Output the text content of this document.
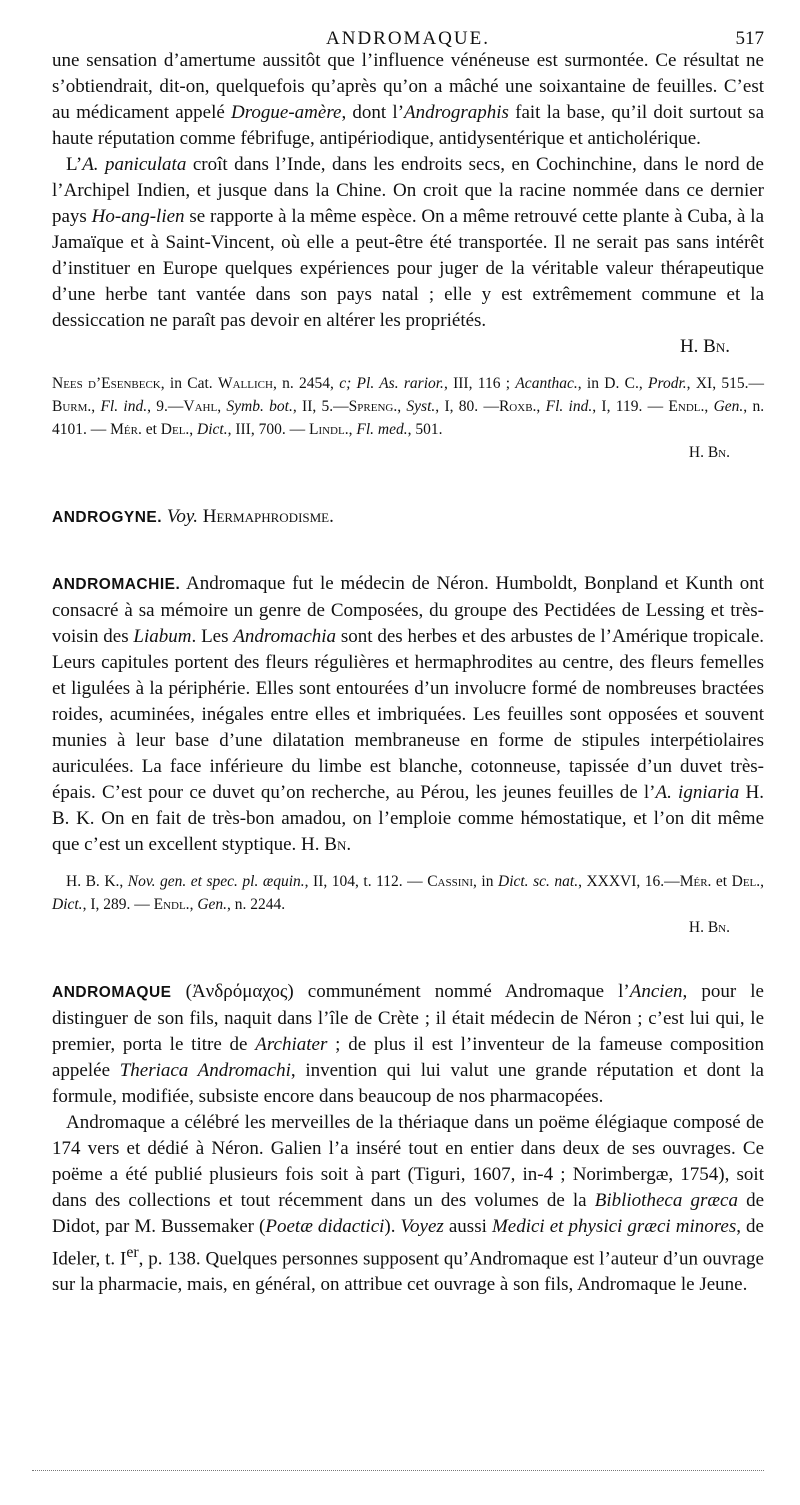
ANDROMAQUE.	517

une sensation d’amertume aussitôt que l’influence vénéneuse est surmontée. Ce résultat ne s’obtiendrait, dit-on, quelquefois qu’après qu’on a mâché une soixantaine de feuilles. C’est au médicament appelé Drogue-amère, dont l’Andrographis fait la base, qu’il doit surtout sa haute réputation comme fébrifuge, antipériodique, antidysentérique et anticholérique.

L’A. paniculata croît dans l’Inde, dans les endroits secs, en Cochinchine, dans le nord de l’Archipel Indien, et jusque dans la Chine. On croit que la racine nommée dans ce dernier pays Ho-ang-lien se rapporte à la même espèce. On a même retrouvé cette plante à Cuba, à la Jamaïque et à Saint-Vincent, où elle a peut-être été transportée. Il ne serait pas sans intérêt d’instituer en Europe quelques expériences pour juger de la véritable valeur thérapeutique d’une herbe tant vantée dans son pays natal ; elle y est extrêmement commune et la dessiccation ne paraît pas devoir en altérer les propriétés.

H. Bn.

Nees d’Esenbeck, in Cat. Wallich, n. 2454, c; Pl. As. rarior., III, 116 ; Acanthac., in D. C., Prodr., XI, 515.—Burm., Fl. ind., 9.—Vahl, Symb. bot., II, 5.—Spreng., Syst., I, 80. —Roxb., Fl. ind., I, 119. — Endl., Gen., n. 4101. — Mér. et Del., Dict., III, 700. — Lindl., Fl. med., 501.

H. Bn.

ANDROGYNE. Voy. Hermaphrodisme.

ANDROMACHIE. Andromaque fut le médecin de Néron. Humboldt, Bonpland et Kunth ont consacré à sa mémoire un genre de Composées, du groupe des Pectidées de Lessing et très-voisin des Liabum. Les Andromachia sont des herbes et des arbustes de l’Amérique tropicale. Leurs capitules portent des fleurs régulières et hermaphrodites au centre, des fleurs femelles et ligulées à la périphérie. Elles sont entourées d’un involucre formé de nombreuses bractées roides, acuminées, inégales entre elles et imbriquées. Les feuilles sont opposées et souvent munies à leur base d’une dilatation membraneuse en forme de stipules interpétiolaires auriculées. La face inférieure du limbe est blanche, cotonneuse, tapissée d’un duvet très-épais. C’est pour ce duvet qu’on recherche, au Pérou, les jeunes feuilles de l’A. igniaria H. B. K. On en fait de très-bon amadou, on l’emploie comme hémostatique, et l’on dit même que c’est un excellent styptique. H. Bn.

H. B. K., Nov. gen. et spec. pl. æquin., II, 104, t. 112. — Cassini, in Dict. sc. nat., XXXVI, 16.—Mér. et Del., Dict., I, 289. — Endl., Gen., n. 2244.

H. Bn.

ANDROMAQUE (Ἀνδρόμαχος) communément nommé Andromaque l’Ancien, pour le distinguer de son fils, naquit dans l’île de Crète ; il était médecin de Néron ; c’est lui qui, le premier, porta le titre de Archiater ; de plus il est l’inventeur de la fameuse composition appelée Theriaca Andromachi, invention qui lui valut une grande réputation et dont la formule, modifiée, subsiste encore dans beaucoup de nos pharmacopées.

Andromaque a célébré les merveilles de la thériaque dans un poëme élégiaque composé de 174 vers et dédié à Néron. Galien l’a inséré tout en entier dans deux de ses ouvrages. Ce poëme a été publié plusieurs fois soit à part (Tiguri, 1607, in-4 ; Norimbergæ, 1754), soit dans des collections et tout récemment dans un des volumes de la Bibliotheca græca de Didot, par M. Bussemaker (Poetæ didactici). Voyez aussi Medici et physici græci minores, de Ideler, t. Ier, p. 138. Quelques personnes supposent qu’Andromaque est l’auteur d’un ouvrage sur la pharmacie, mais, en général, on attribue cet ouvrage à son fils, Andromaque le Jeune.
